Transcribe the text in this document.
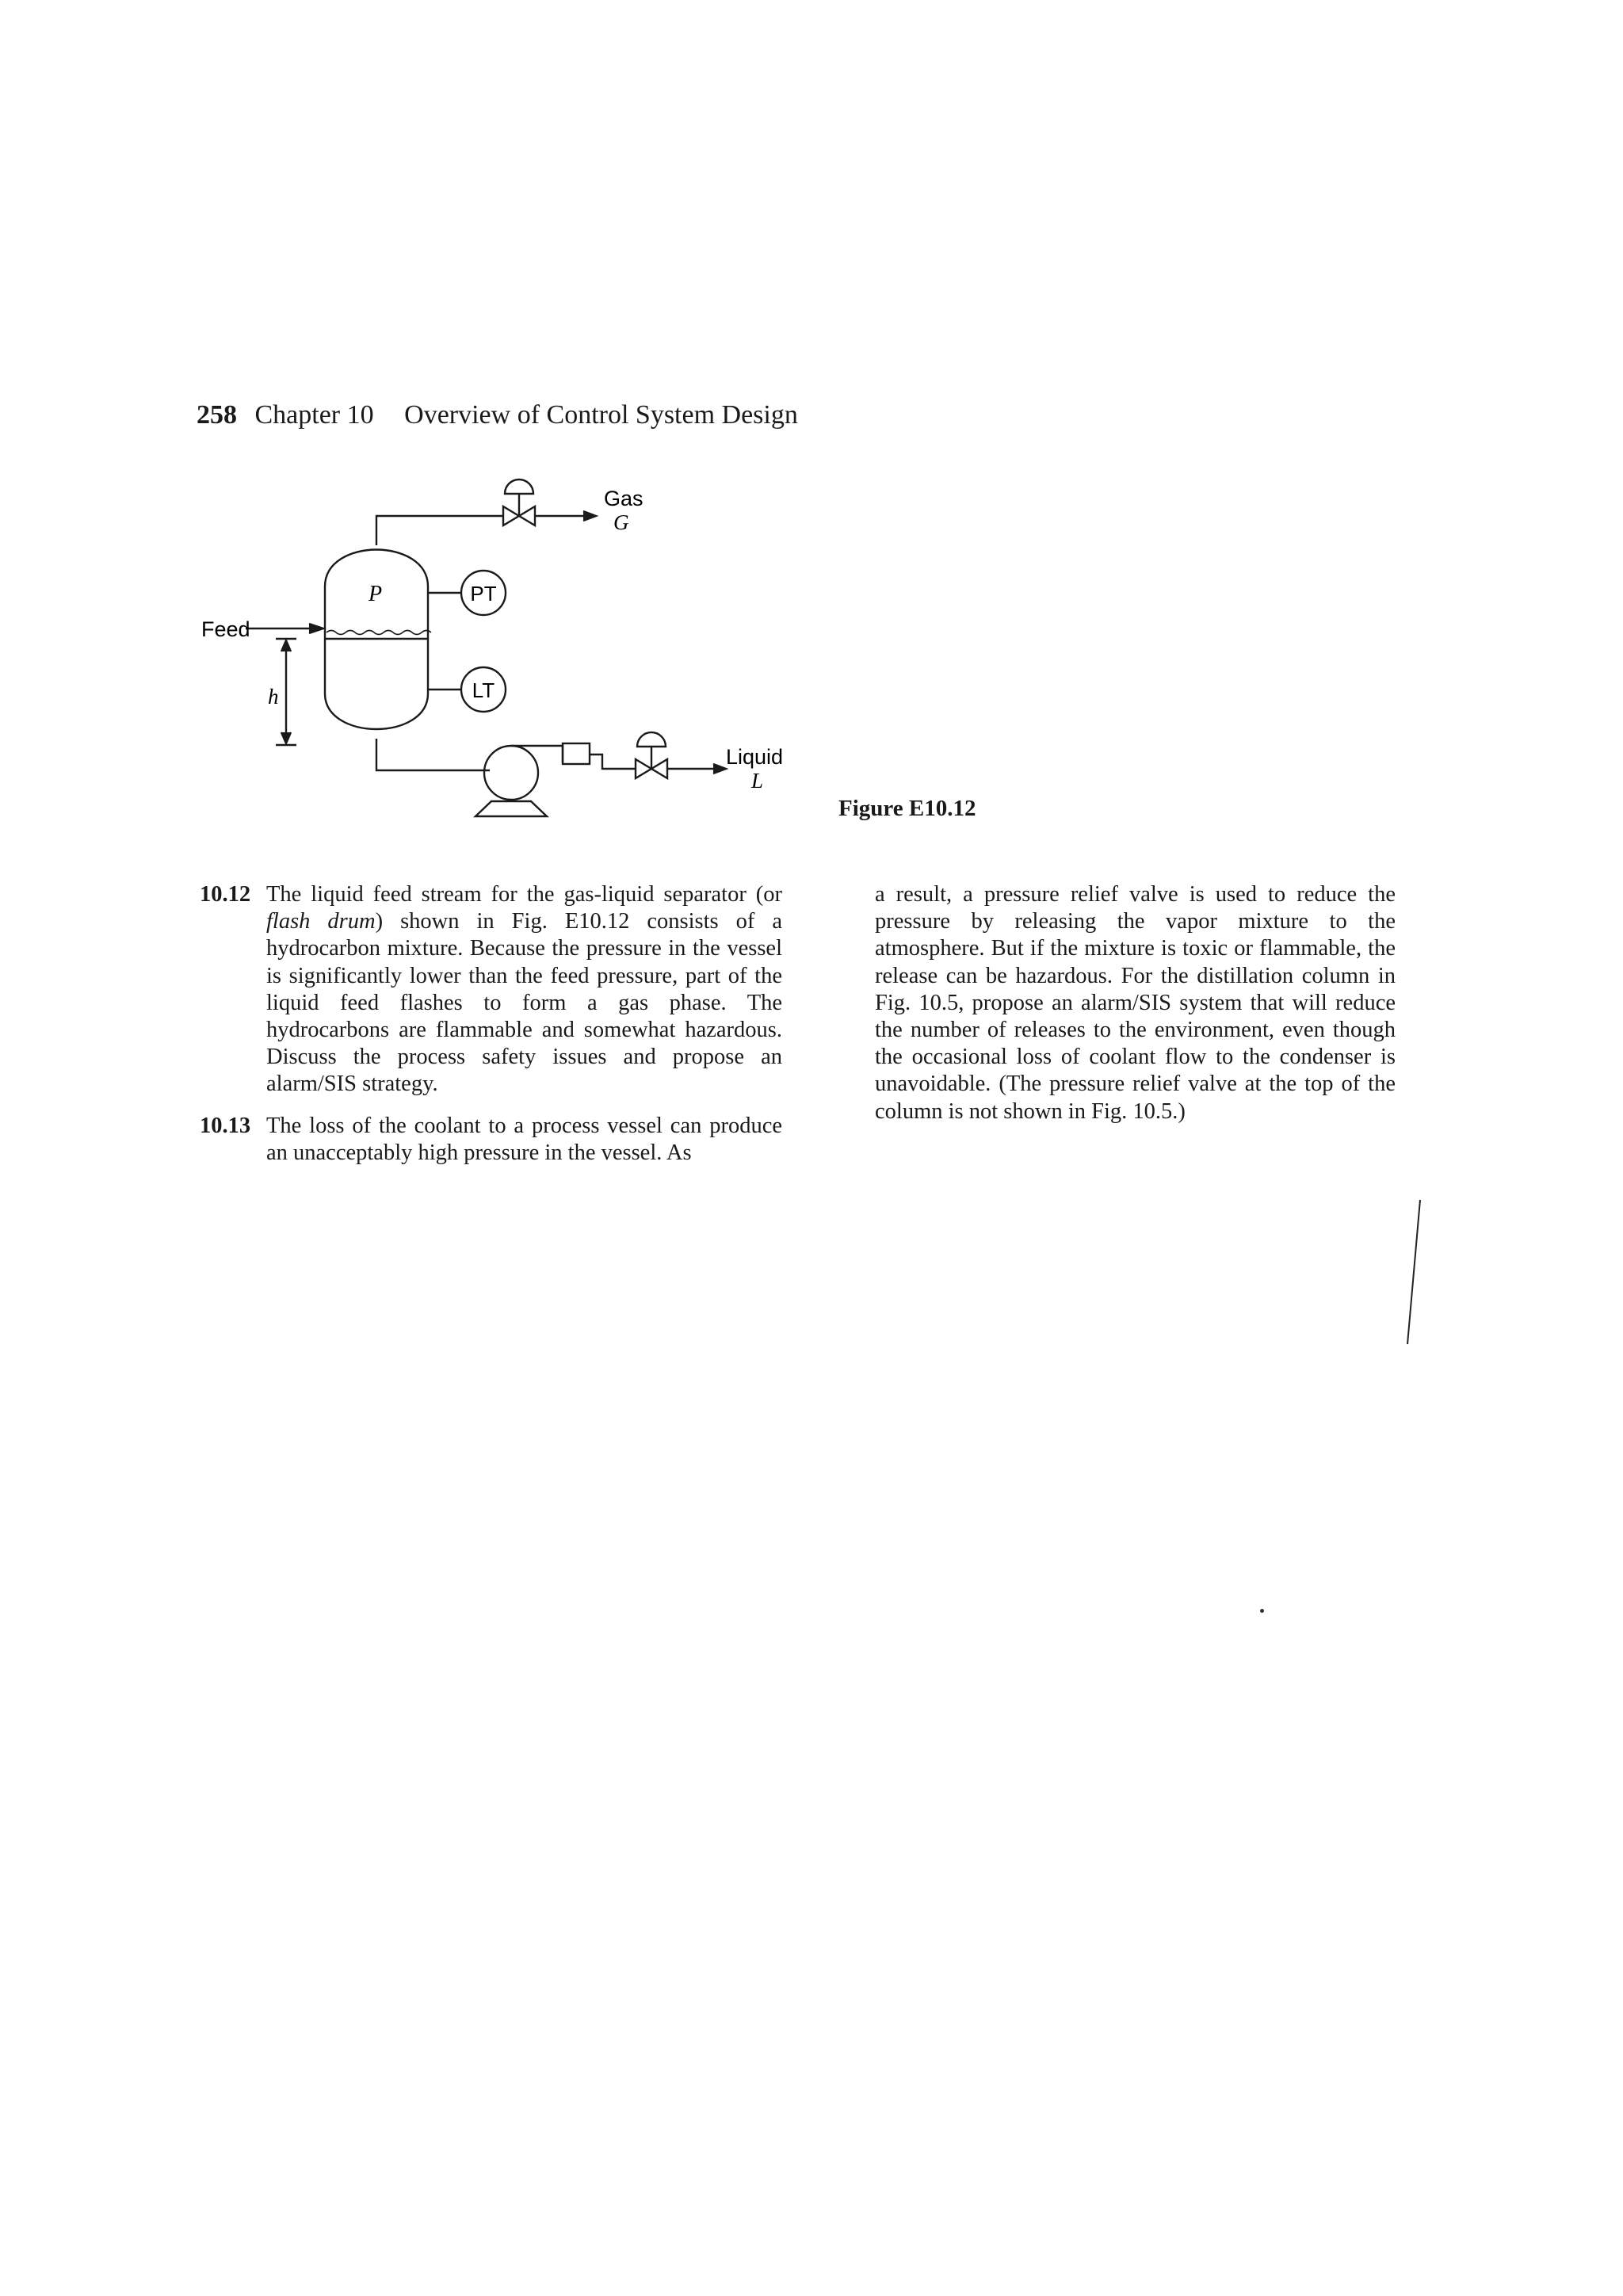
258 Chapter 10 Overview of Control System Design
Gas
G
Liquid
L
Feed
P
h
PT
LT
Figure E10.12
10.12 The liquid feed stream for the gas-liquid separator (or flash drum) shown in Fig. E10.12 consists of a hydrocarbon mixture. Because the pressure in the vessel is significantly lower than the feed pressure, part of the liquid feed flashes to form a gas phase. The hydrocarbons are flammable and somewhat hazardous. Discuss the process safety issues and propose an alarm/SIS strategy.

10.13 The loss of the coolant to a process vessel can produce an unacceptably high pressure in the vessel. As

a result, a pressure relief valve is used to reduce the pressure by releasing the vapor mixture to the atmosphere. But if the mixture is toxic or flammable, the release can be hazardous. For the distillation column in Fig. 10.5, propose an alarm/SIS system that will reduce the number of releases to the environment, even though the occasional loss of coolant flow to the condenser is unavoidable. (The pressure relief valve at the top of the column is not shown in Fig. 10.5.)
